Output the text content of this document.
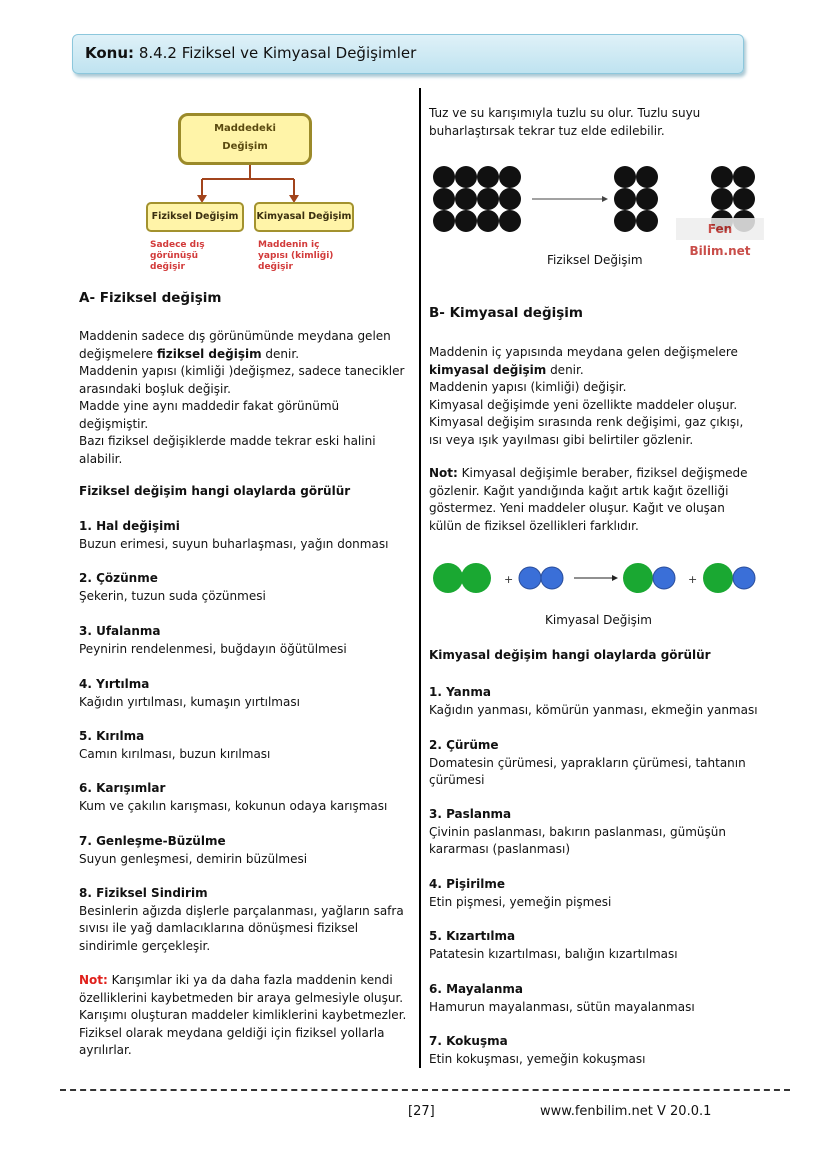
Konu: 8.4.2 Fiziksel ve Kimyasal Değişimler
Maddedeki Değişim
Fiziksel Değişim	Kimyasal Değişim
Sadece dış görünüşü değişir
Maddenin iç yapısı (kimliği) değişir
A- Fiziksel değişim
Maddenin sadece dış görünümünde meydana gelen değişmelere fiziksel değişim denir.
Maddenin yapısı (kimliği )değişmez, sadece tanecikler arasındaki boşluk değişir.
Madde yine aynı maddedir fakat görünümü değişmiştir.
Bazı fiziksel değişiklerde madde tekrar eski halini alabilir.
Fiziksel değişim hangi olaylarda görülür
1. Hal değişimi
Buzun erimesi, suyun buharlaşması, yağın donması
2. Çözünme
Şekerin, tuzun suda çözünmesi
3. Ufalanma
Peynirin rendelenmesi, buğdayın öğütülmesi
4. Yırtılma
Kağıdın yırtılması, kumaşın yırtılması
5. Kırılma
Camın kırılması, buzun kırılması
6. Karışımlar
Kum ve çakılın karışması, kokunun odaya karışması
7. Genleşme-Büzülme
Suyun genleşmesi, demirin büzülmesi
8. Fiziksel Sindirim
Besinlerin ağızda dişlerle parçalanması, yağların safra sıvısı ile yağ damlacıklarına dönüşmesi fiziksel sindirimle gerçekleşir.
Not: Karışımlar iki ya da daha fazla maddenin kendi özelliklerini kaybetmeden bir araya gelmesiyle oluşur. Karışımı oluşturan maddeler kimliklerini kaybetmezler. Fiziksel olarak meydana geldiği için fiziksel yollarla ayrılırlar.
Tuz ve su karışımıyla tuzlu su olur. Tuzlu suyu buharlaştırsak tekrar tuz elde edilebilir.
Fen Bilim.net
Fiziksel Değişim
B- Kimyasal değişim
Maddenin iç yapısında meydana gelen değişmelere kimyasal değişim denir.
Maddenin yapısı (kimliği) değişir.
Kimyasal değişimde yeni özellikte maddeler oluşur.
Kimyasal değişim sırasında renk değişimi, gaz çıkışı, ısı veya ışık yayılması gibi belirtiler gözlenir.
Not: Kimyasal değişimle beraber, fiziksel değişmede gözlenir. Kağıt yandığında kağıt artık kağıt özelliği göstermez. Yeni maddeler oluşur. Kağıt ve oluşan külün de fiziksel özellikleri farklıdır.
+	+
Kimyasal Değişim
Kimyasal değişim hangi olaylarda görülür
1. Yanma
Kağıdın yanması, kömürün yanması, ekmeğin yanması
2. Çürüme
Domatesin çürümesi, yaprakların çürümesi, tahtanın çürümesi
3. Paslanma
Çivinin paslanması, bakırın paslanması, gümüşün kararması (paslanması)
4. Pişirilme
Etin pişmesi, yemeğin pişmesi
5. Kızartılma
Patatesin kızartılması, balığın kızartılması
6. Mayalanma
Hamurun mayalanması, sütün mayalanması
7. Kokuşma
Etin kokuşması, yemeğin kokuşması
[27]	www.fenbilim.net V 20.0.1
